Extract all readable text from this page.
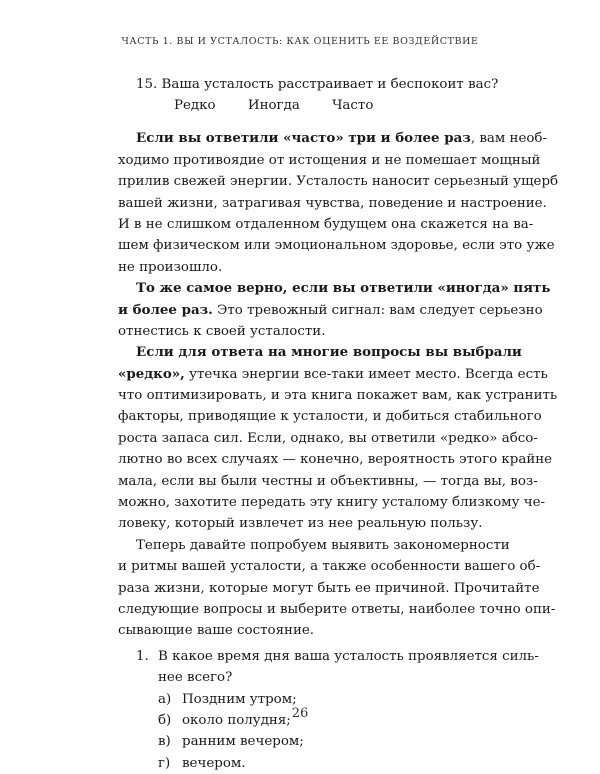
ЧАСТЬ 1. ВЫ И УСТАЛОСТЬ: КАК ОЦЕНИТЬ ЕЕ ВОЗДЕЙСТВИЕ
15. Ваша усталость расстраивает и беспокоит вас?
Редко Иногда Часто
Если вы ответили «часто» три и более раз, вам необ-
ходимо противоядие от истощения и не помешает мощный
прилив свежей энергии. Усталость наносит серьезный ущерб
вашей жизни, затрагивая чувства, поведение и настроение.
И в не слишком отдаленном будущем она скажется на ва-
шем физическом или эмоциональном здоровье, если это уже
не произошло.
То же самое верно, если вы ответили «иногда» пять
и более раз. Это тревожный сигнал: вам следует серьезно
отнестись к своей усталости.
Если для ответа на многие вопросы вы выбрали
«редко», утечка энергии все-таки имеет место. Всегда есть
что оптимизировать, и эта книга покажет вам, как устранить
факторы, приводящие к усталости, и добиться стабильного
роста запаса сил. Если, однако, вы ответили «редко» абсо-
лютно во всех случаях — конечно, вероятность этого крайне
мала, если вы были честны и объективны, — тогда вы, воз-
можно, захотите передать эту книгу усталому близкому че-
ловеку, который извлечет из нее реальную пользу.
Теперь давайте попробуем выявить закономерности
и ритмы вашей усталости, а также особенности вашего об-
раза жизни, которые могут быть ее причиной. Прочитайте
следующие вопросы и выберите ответы, наиболее точно опи-
сывающие ваше состояние.
1. В какое время дня ваша усталость проявляется силь-
нее всего?
а) Поздним утром;
б) около полудня;
в) ранним вечером;
г) вечером.
26
